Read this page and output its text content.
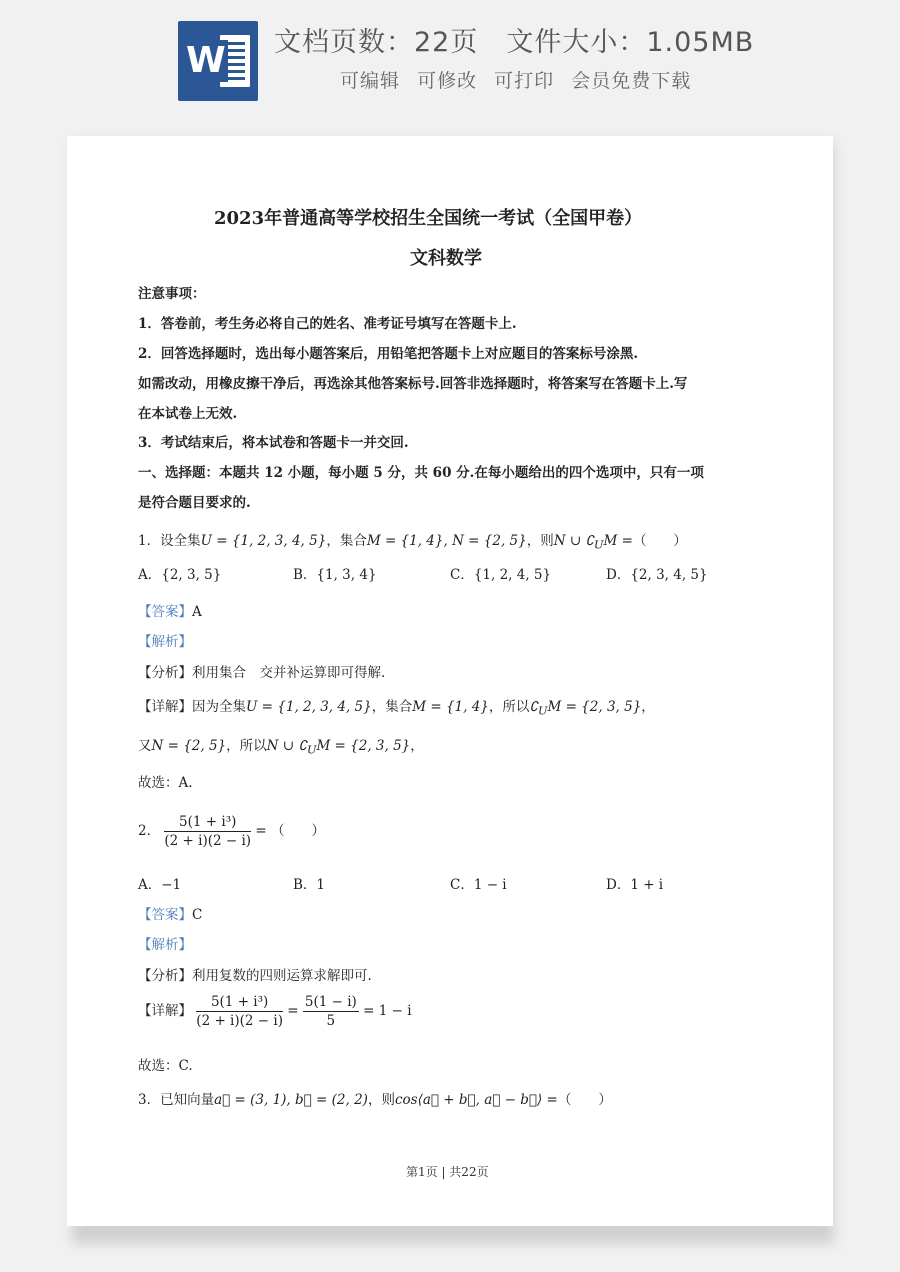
W 文档页数：22页 文件大小：1.05MB
可编辑 可修改 可打印 会员免费下载
2023年普通高等学校招生全国统一考试（全国甲卷）
文科数学
注意事项：
1．答卷前，考生务必将自己的姓名、准考证号填写在答题卡上.
2．回答选择题时，选出每小题答案后，用铅笔把答题卡上对应题目的答案标号涂黑.
如需改动，用橡皮擦干净后，再选涂其他答案标号.回答非选择题时，将答案写在答题卡上.写
在本试卷上无效.
3．考试结束后，将本试卷和答题卡一并交回.
一、选择题：本题共 12 小题，每小题 5 分，共 60 分.在每小题给出的四个选项中，只有一项
是符合题目要求的.
1．设全集U = {1, 2, 3, 4, 5}，集合M = {1, 4}, N = {2, 5}，则N ∪ $∁_UM$ =（　　）
A．{2, 3, 5}	B．{1, 3, 4}	C．{1, 2, 4, 5}	D．{2, 3, 4, 5}
【答案】A
【解析】
【分析】利用集合　交并补运算即可得解.
【详解】因为全集U = {1, 2, 3, 4, 5}，集合M = {1, 4}，所以$∁_UM = \{2$, 3, 5}，
又N = {2, 5}，所以N ∪ $∁_UM = \{2$, 3, 5}，
故选：A.
2． $\frac{\text{5(1 + i³)}}{(2 + i)(2 - i)}$ = （　　）
A．−1	B．1	C．1 − i	D．1 + i
【答案】C
【解析】
【分析】利用复数的四则运算求解即可.
【详解】 $\frac{\text{5(1 + i³)}}{(2 + i)(2 - i)} = \frac{5(1 - i)}{5} = 1 - i$
故选：C.
3．已知向量a⃗ = (3, 1), b⃗ = (2, 2)，则cos⟨a⃗ + b⃗, a⃗ − b⃗⟩ =（　　）
第1页 | 共22页
